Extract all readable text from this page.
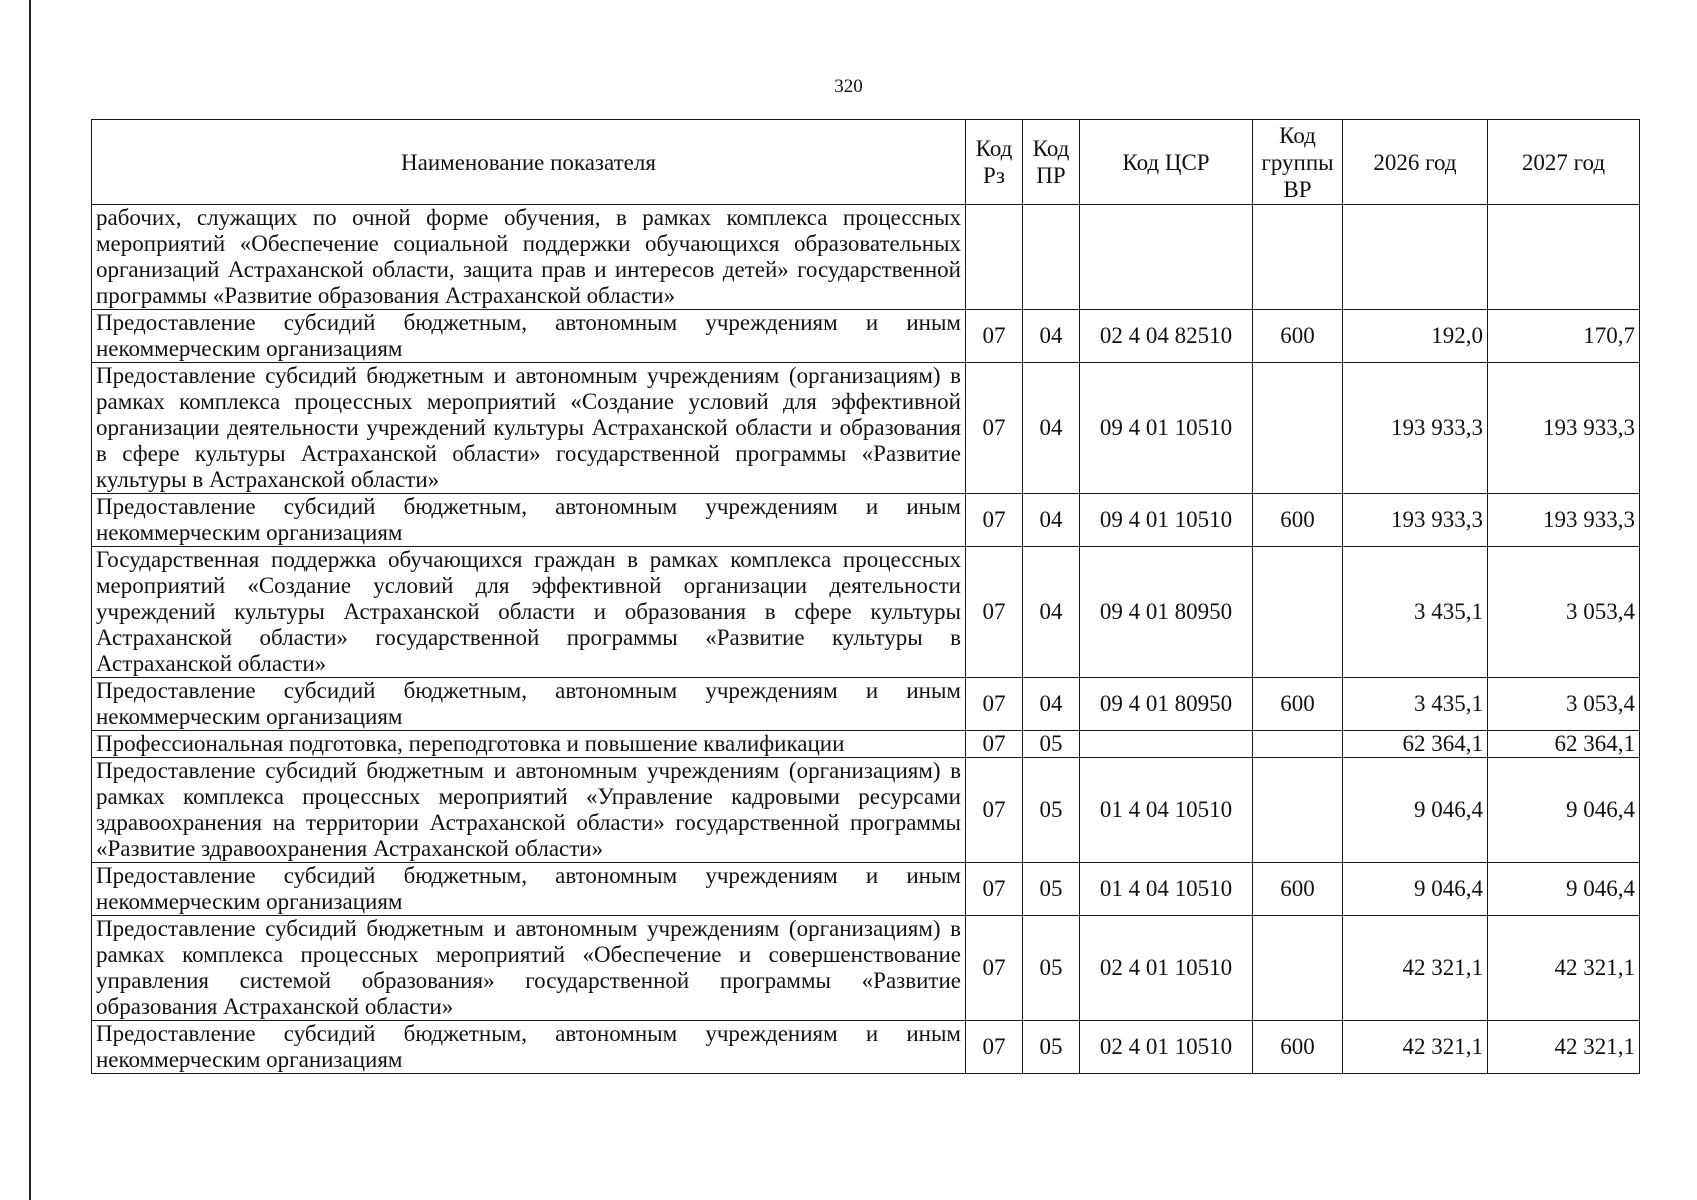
320
Наименование показателя	Код Рз	Код ПР	Код ЦСР	Код группы ВР	2026 год	2027 год
рабочих, служащих по очной форме обучения, в рамках комплекса процессных мероприятий «Обеспечение социальной поддержки обучающихся образовательных организаций Астраханской области, защита прав и интересов детей» государственной программы «Развитие образования Астраханской области»						
Предоставление субсидий бюджетным, автономным учреждениям и иным некоммерческим организациям	07	04	02 4 04 82510	600	192,0	170,7
Предоставление субсидий бюджетным и автономным учреждениям (организациям) в рамках комплекса процессных мероприятий «Создание условий для эффективной организации деятельности учреждений культуры Астраханской области и образования в сфере культуры Астраханской области» государственной программы «Развитие культуры в Астраханской области»	07	04	09 4 01 10510		193 933,3	193 933,3
Предоставление субсидий бюджетным, автономным учреждениям и иным некоммерческим организациям	07	04	09 4 01 10510	600	193 933,3	193 933,3
Государственная поддержка обучающихся граждан в рамках комплекса процессных мероприятий «Создание условий для эффективной организации деятельности учреждений культуры Астраханской области и образования в сфере культуры Астраханской области» государственной программы «Развитие культуры в Астраханской области»	07	04	09 4 01 80950		3 435,1	3 053,4
Предоставление субсидий бюджетным, автономным учреждениям и иным некоммерческим организациям	07	04	09 4 01 80950	600	3 435,1	3 053,4
Профессиональная подготовка, переподготовка и повышение квалификации	07	05			62 364,1	62 364,1
Предоставление субсидий бюджетным и автономным учреждениям (организациям) в рамках комплекса процессных мероприятий «Управление кадровыми ресурсами здравоохранения на территории Астраханской области» государственной программы «Развитие здравоохранения Астраханской области»	07	05	01 4 04 10510		9 046,4	9 046,4
Предоставление субсидий бюджетным, автономным учреждениям и иным некоммерческим организациям	07	05	01 4 04 10510	600	9 046,4	9 046,4
Предоставление субсидий бюджетным и автономным учреждениям (организациям) в рамках комплекса процессных мероприятий «Обеспечение и совершенствование управления системой образования» государственной программы «Развитие образования Астраханской области»	07	05	02 4 01 10510		42 321,1	42 321,1
Предоставление субсидий бюджетным, автономным учреждениям и иным некоммерческим организациям	07	05	02 4 01 10510	600	42 321,1	42 321,1
